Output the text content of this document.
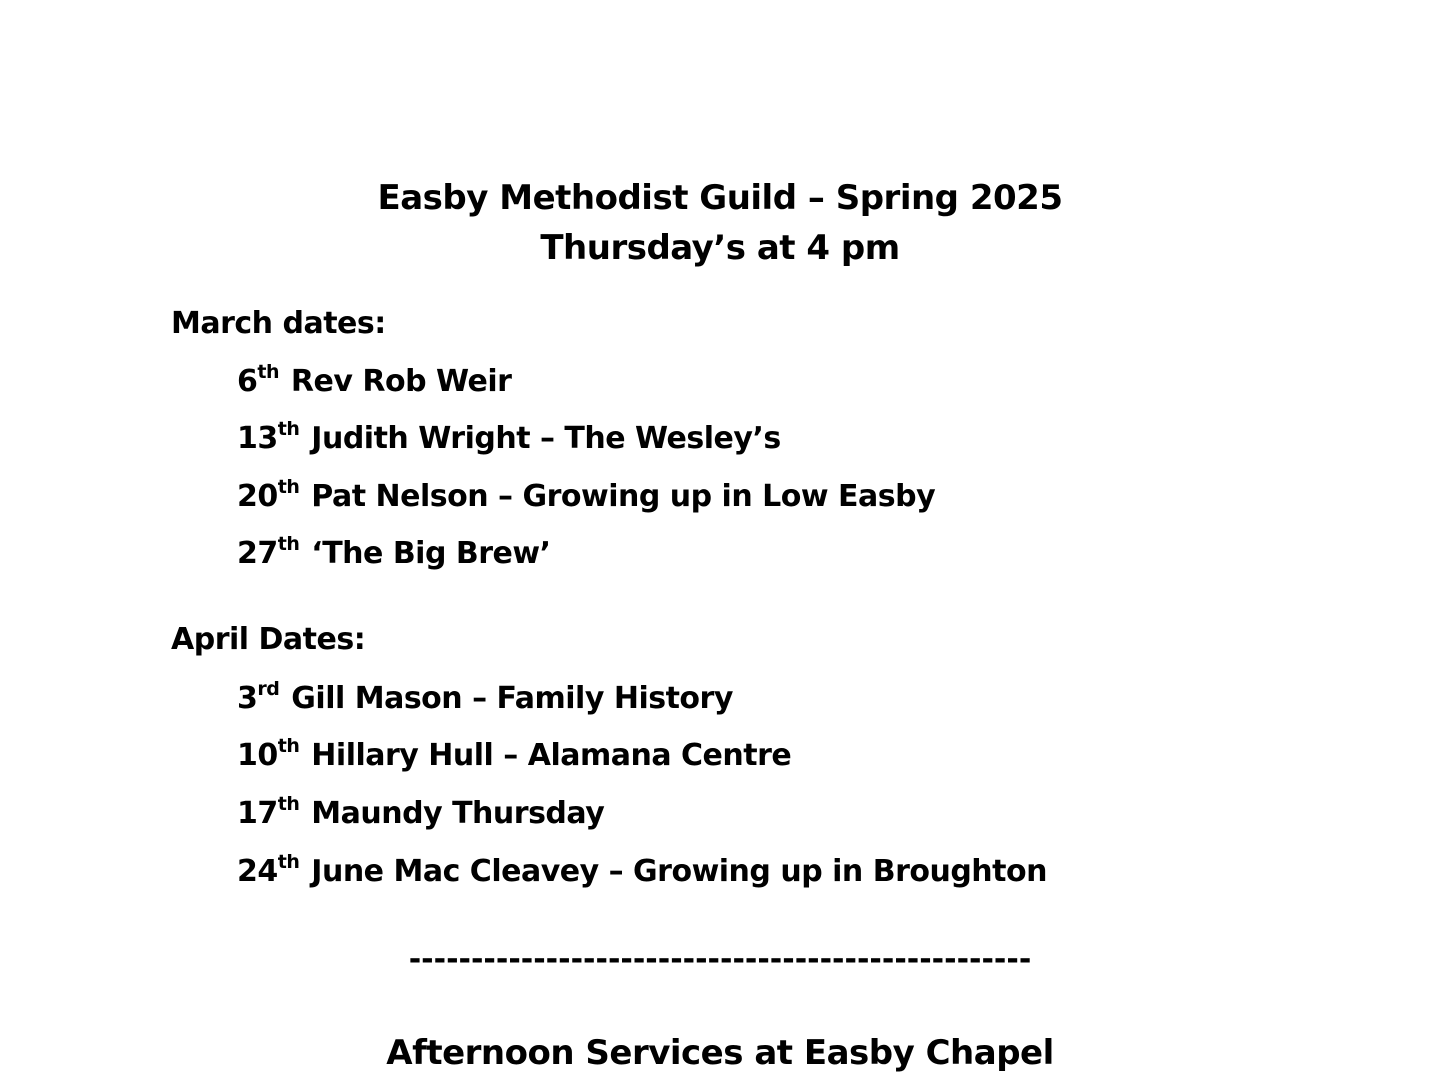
Easby Methodist Guild – Spring 2025
Thursday’s at 4 pm
March dates:
6th Rev Rob Weir
13th Judith Wright – The Wesley’s
20th Pat Nelson – Growing up in Low Easby
27th ‘The Big Brew’
April Dates:
3rd Gill Mason – Family History
10th Hillary Hull – Alamana Centre
17th Maundy Thursday
24th June Mac Cleavey – Growing up in Broughton
--------------------------------------------------
Afternoon Services at Easby Chapel
